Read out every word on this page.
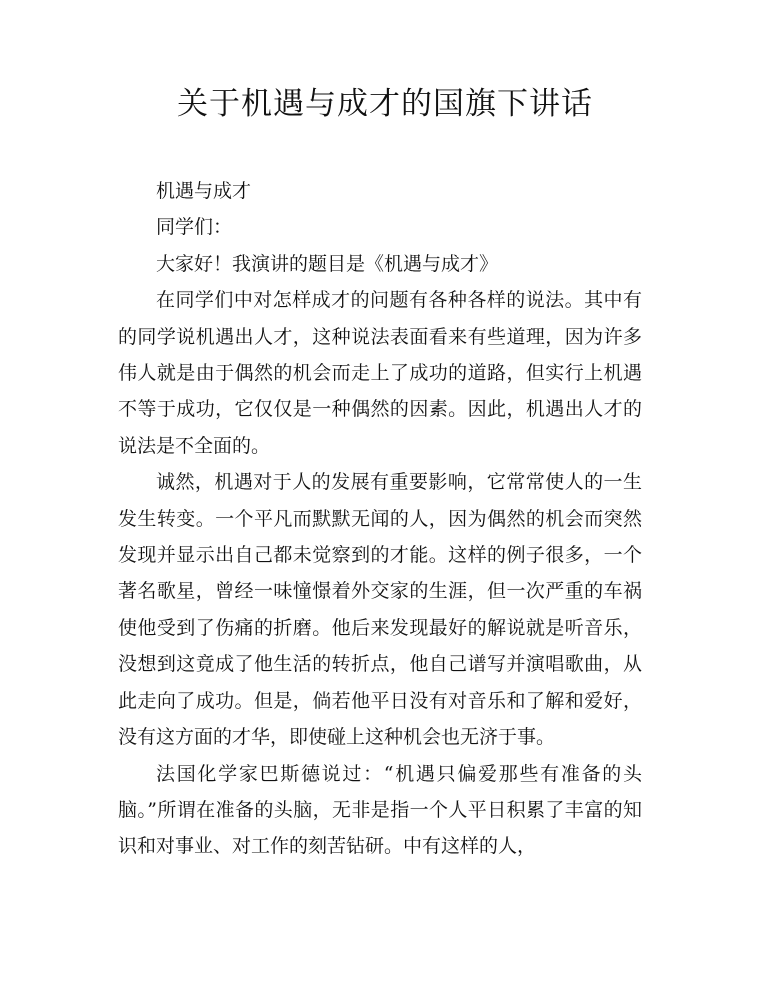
关于机遇与成才的国旗下讲话

机遇与成才

同学们：

大家好！我演讲的题目是《机遇与成才》

在同学们中对怎样成才的问题有各种各样的说法。其中有的同学说机遇出人才，这种说法表面看来有些道理，因为许多伟人就是由于偶然的机会而走上了成功的道路，但实行上机遇不等于成功，它仅仅是一种偶然的因素。因此，机遇出人才的说法是不全面的。

诚然，机遇对于人的发展有重要影响，它常常使人的一生发生转变。一个平凡而默默无闻的人，因为偶然的机会而突然发现并显示出自己都未觉察到的才能。这样的例子很多，一个著名歌星，曾经一味憧憬着外交家的生涯，但一次严重的车祸使他受到了伤痛的折磨。他后来发现最好的解说就是听音乐，没想到这竟成了他生活的转折点，他自己谱写并演唱歌曲，从此走向了成功。但是，倘若他平日没有对音乐和了解和爱好，没有这方面的才华，即使碰上这种机会也无济于事。

法国化学家巴斯德说过：“机遇只偏爱那些有准备的头脑。”所谓在准备的头脑，无非是指一个人平日积累了丰富的知识和对事业、对工作的刻苦钻研。中有这样的人，
